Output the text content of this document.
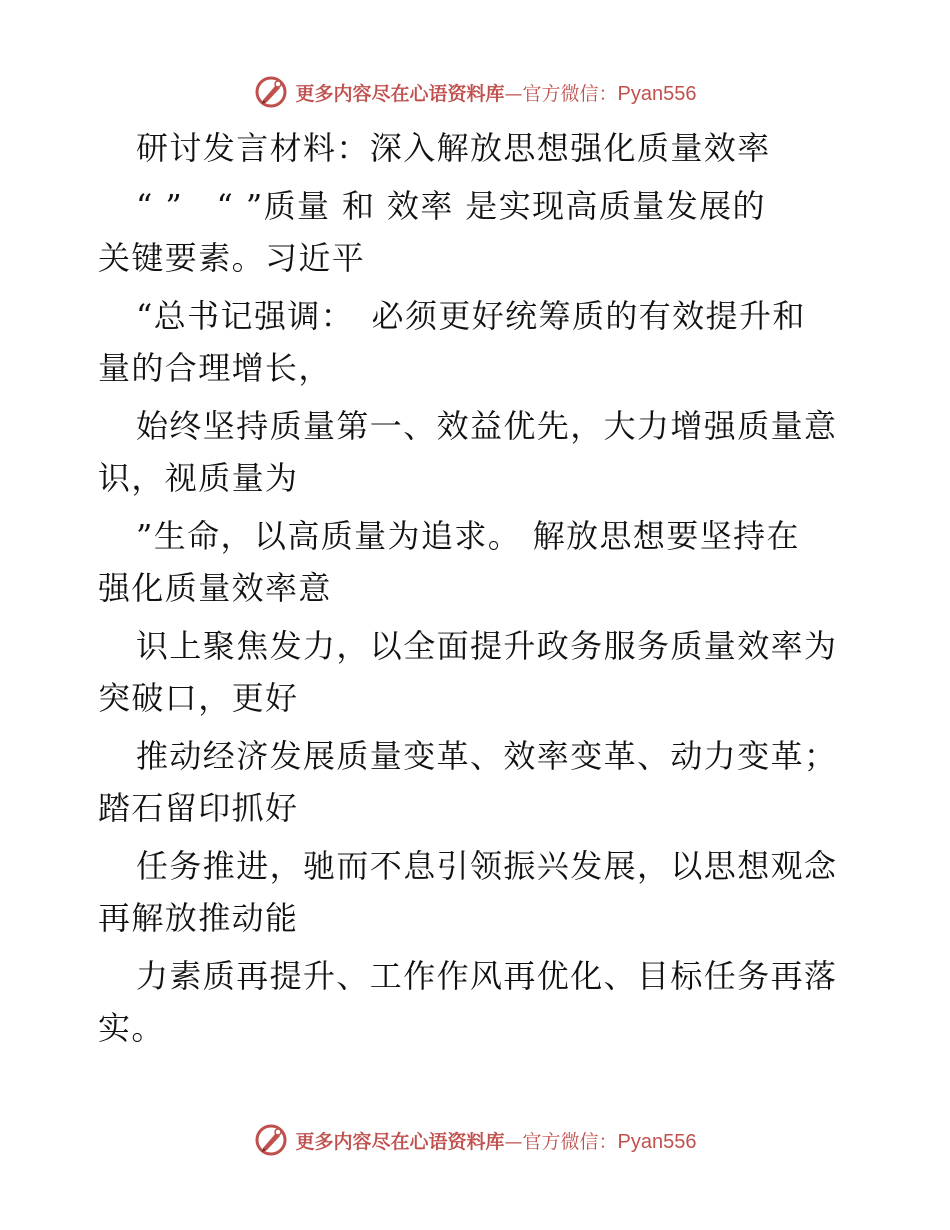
更多内容尽在心语资料库 — 官方微信： Pyan556
研讨发言材料：深入解放思想强化质量效率
“ ”　“ ”质量 和 效率 是实现高质量发展的
关键要素。习近平
“总书记强调：　必须更好统筹质的有效提升和
量的合理增长，
始终坚持质量第一、效益优先，大力增强质量意
识，视质量为
”生命，以高质量为追求。 解放思想要坚持在
强化质量效率意
识上聚焦发力，以全面提升政务服务质量效率为
突破口，更好
推动经济发展质量变革、效率变革、动力变革；
踏石留印抓好
任务推进，驰而不息引领振兴发展，以思想观念
再解放推动能
力素质再提升、工作作风再优化、目标任务再落
实。
更多内容尽在心语资料库 — 官方微信： Pyan556
